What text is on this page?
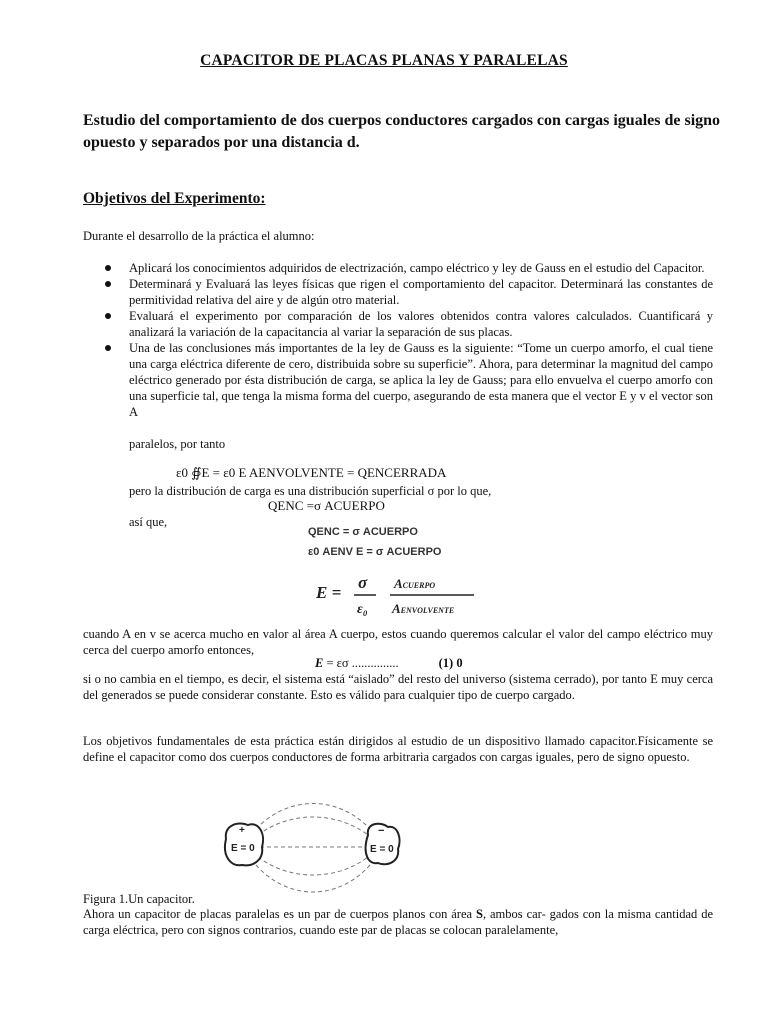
CAPACITOR DE PLACAS PLANAS Y PARALELAS
Estudio del comportamiento de dos cuerpos conductores cargados con cargas iguales de signo opuesto y separados por una distancia d.
Objetivos del Experimento:
Durante el desarrollo de la práctica el alumno:
Aplicará los conocimientos adquiridos de electrización, campo eléctrico y ley de Gauss en el estudio del Capacitor.
Determinará y Evaluará las leyes físicas que rigen el comportamiento del capacitor. Determinará las constantes de permitividad relativa del aire y de algún otro material.
Evaluará el experimento por comparación de los valores obtenidos contra valores calculados. Cuantificará y analizará la variación de la capacitancia al variar la separación de sus placas.
Una de las conclusiones más importantes de la ley de Gauss es la siguiente: “Tome un cuerpo amorfo, el cual tiene una carga eléctrica diferente de cero, distribuida sobre su superficie”. Ahora, para determinar la magnitud del campo eléctrico generado por ésta distribución de carga, se aplica la ley de Gauss; para ello envuelva el cuerpo amorfo con una superficie tal, que tenga la misma forma del cuerpo, asegurando de esta manera que el vector E y v el vector son A
paralelos, por tanto
ε0 ∯E = ε0 E AENVOLVENTE = QENCERRADA
pero la distribución de carga es una distribución superficial σ por lo que,
QENC =σ ACUERPO
así que,
QENC = σ ACUERPO
ε0 AENV E = σ ACUERPO
E =
σ
ε₀
ACUERPO
AENVOLVENTE
cuando A en v se acerca mucho en valor al área A cuerpo, estos cuando queremos calcular el valor del campo eléctrico muy cerca del cuerpo amorfo entonces,
E = εσ ...............	(1) 0
si o no cambia en el tiempo, es decir, el sistema está “aislado” del resto del universo (sistema cerrado), por tanto E muy cerca del generados se puede considerar constante. Esto es válido para cualquier tipo de cuerpo cargado.
Los objetivos fundamentales de esta práctica están dirigidos al estudio de un dispositivo llamado capacitor.Físicamente se define el capacitor como dos cuerpos conductores de forma arbitraria cargados con cargas iguales, pero de signo opuesto.
+	−
E = 0	E = 0
Figura 1.Un capacitor.
Ahora un capacitor de placas paralelas es un par de cuerpos planos con área S, ambos car- gados con la misma cantidad de carga eléctrica, pero con signos contrarios, cuando este par de placas se colocan paralelamente,
